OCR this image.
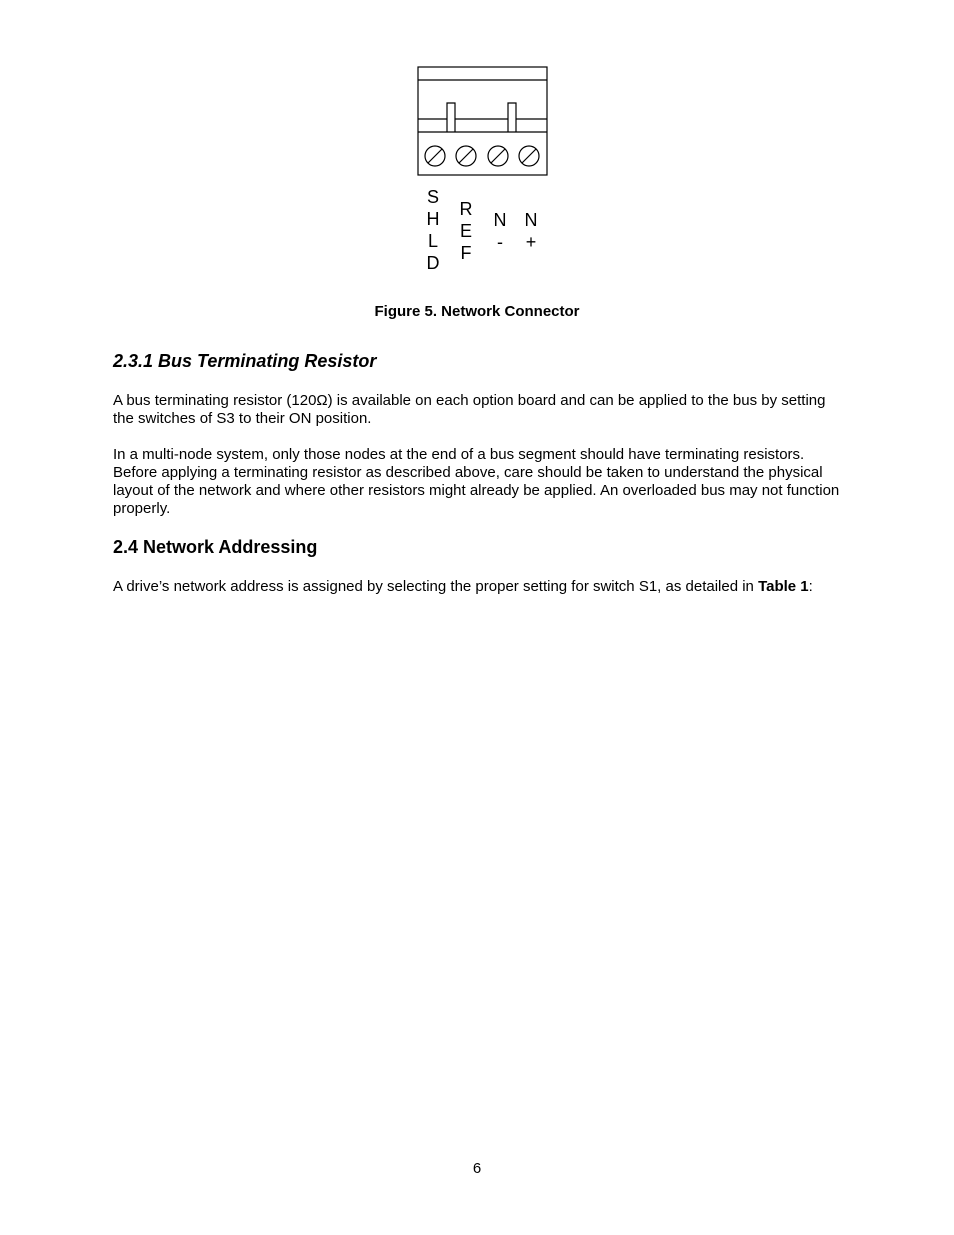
S
H
L
D
R
E
F
N
-
N
+
Figure 5. Network Connector
2.3.1 Bus Terminating Resistor
A bus terminating resistor (120Ω) is available on each option board and can be applied to the bus by setting the switches of S3 to their ON position.
In a multi-node system, only those nodes at the end of a bus segment should have terminating resistors. Before applying a terminating resistor as described above, care should be taken to understand the physical layout of the network and where other resistors might already be applied. An overloaded bus may not function properly.
2.4 Network Addressing
A drive’s network address is assigned by selecting the proper setting for switch S1, as detailed in Table 1:
6
